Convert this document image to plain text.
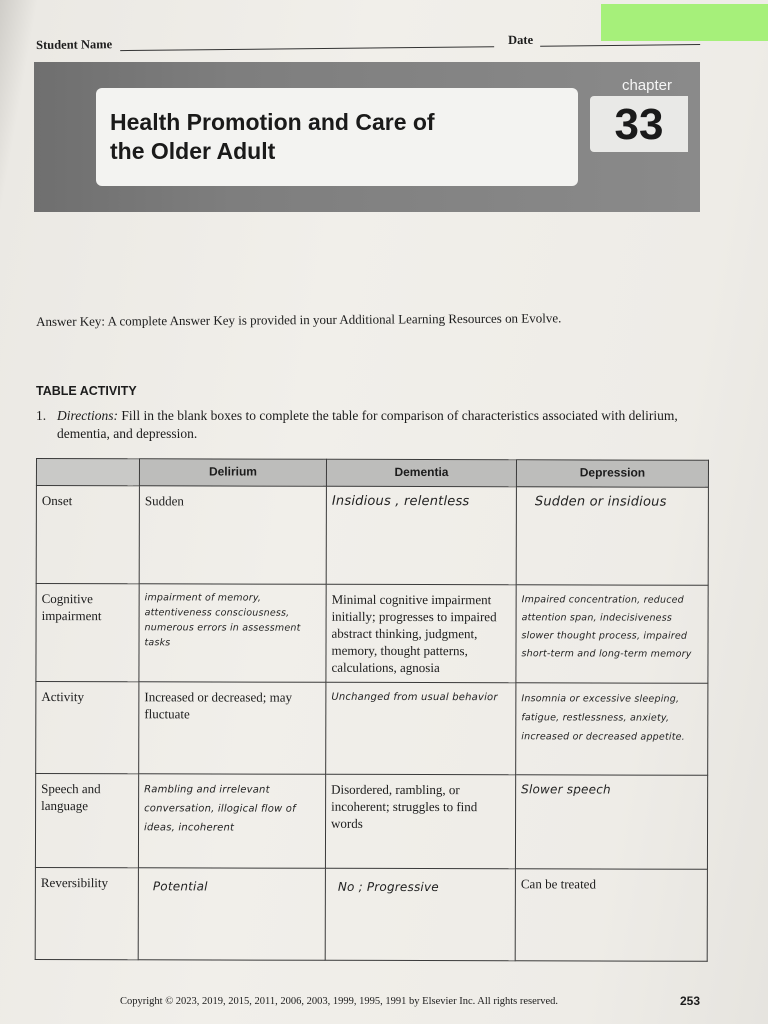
Student Name	Date
Health Promotion and Care of
the Older Adult
chapter
33
Answer Key: A complete Answer Key is provided in your Additional Learning Resources on Evolve.
TABLE ACTIVITY
1. Directions: Fill in the blank boxes to complete the table for comparison of characteristics associated with delirium, dementia, and depression.
	Delirium	Dementia	Depression
Onset	Sudden	Insidious , relentless	Sudden or insidious
Cognitive impairment	impairment of memory, attentiveness consciousness, numerous errors in assessment tasks	Minimal cognitive impairment initially; progresses to impaired abstract thinking, judgment, memory, thought patterns, calculations, agnosia	Impaired concentration, reduced attention span, indecisiveness slower thought process, impaired short-term and long-term memory
Activity	Increased or decreased; may fluctuate	Unchanged from usual behavior	Insomnia or excessive sleeping, fatigue, restlessness, anxiety, increased or decreased appetite.
Speech and language	Rambling and irrelevant conversation, illogical flow of ideas, incoherent	Disordered, rambling, or incoherent; struggles to find words	Slower speech
Reversibility	Potential	No ; Progressive	Can be treated
Copyright © 2023, 2019, 2015, 2011, 2006, 2003, 1999, 1995, 1991 by Elsevier Inc. All rights reserved.	253
